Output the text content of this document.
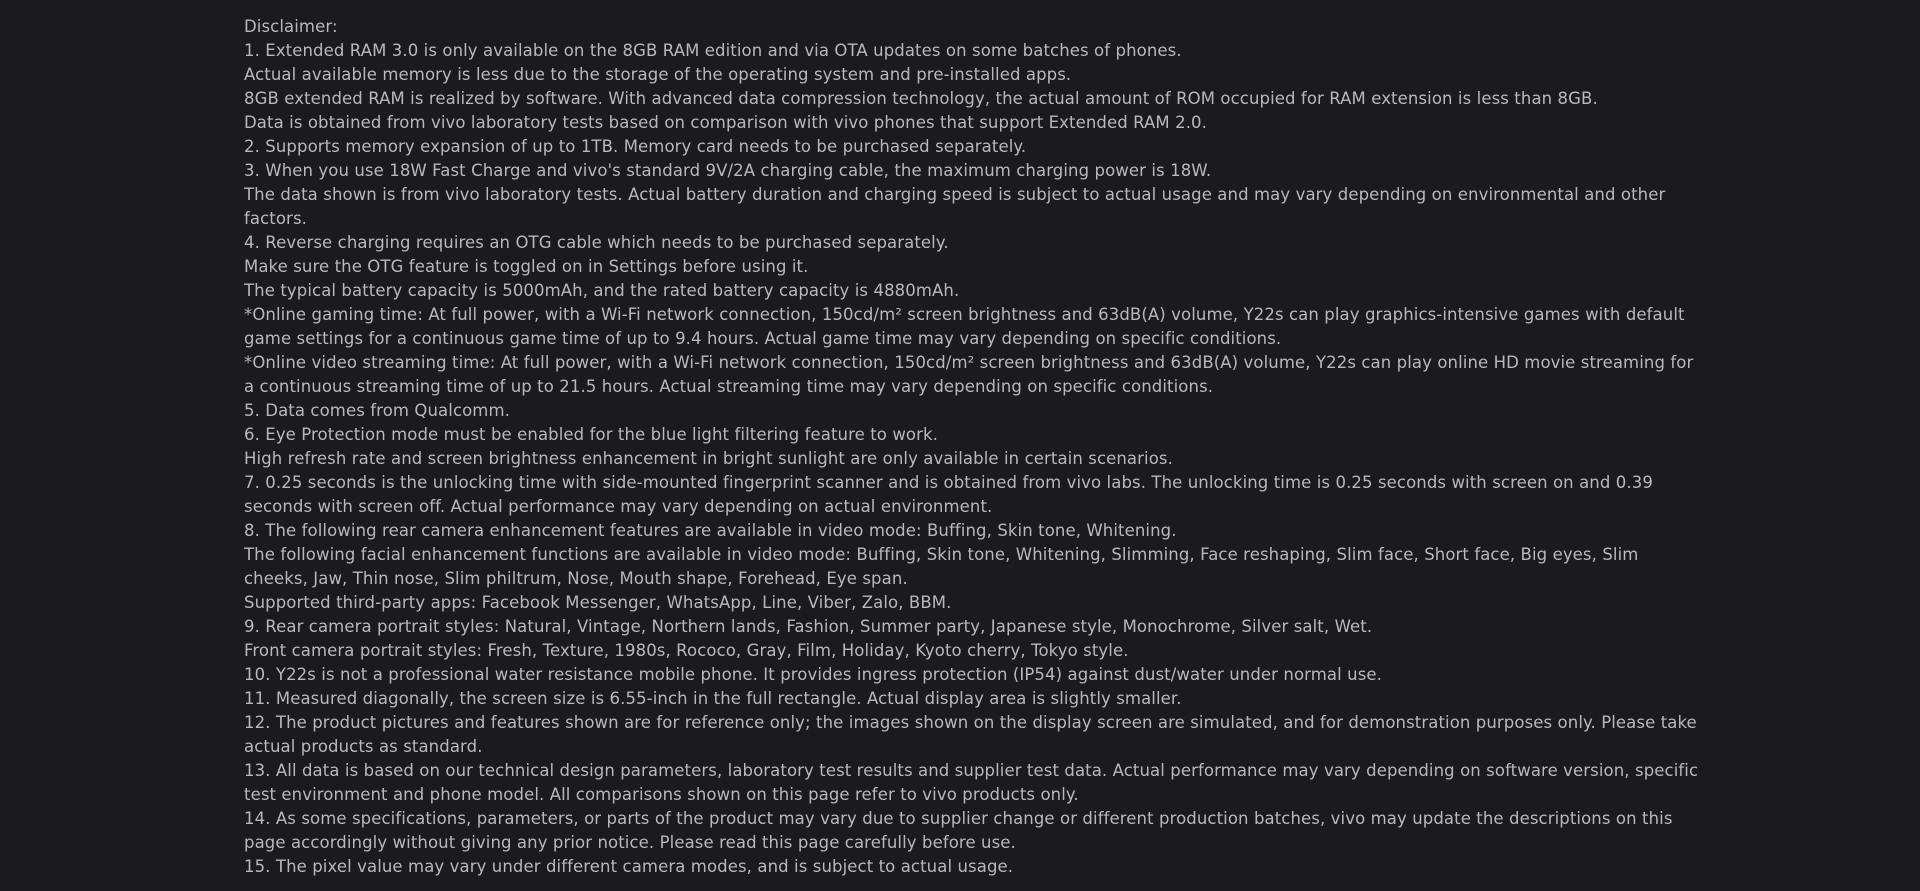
Disclaimer:

1. Extended RAM 3.0 is only available on the 8GB RAM edition and via OTA updates on some batches of phones.

Actual available memory is less due to the storage of the operating system and pre-installed apps.

8GB extended RAM is realized by software. With advanced data compression technology, the actual amount of ROM occupied for RAM extension is less than 8GB.

Data is obtained from vivo laboratory tests based on comparison with vivo phones that support Extended RAM 2.0.

2. Supports memory expansion of up to 1TB. Memory card needs to be purchased separately.

3. When you use 18W Fast Charge and vivo's standard 9V/2A charging cable, the maximum charging power is 18W.

The data shown is from vivo laboratory tests. Actual battery duration and charging speed is subject to actual usage and may vary depending on environmental and other factors.

4. Reverse charging requires an OTG cable which needs to be purchased separately.

Make sure the OTG feature is toggled on in Settings before using it.

The typical battery capacity is 5000mAh, and the rated battery capacity is 4880mAh.

*Online gaming time: At full power, with a Wi-Fi network connection, 150cd/m² screen brightness and 63dB(A) volume, Y22s can play graphics-intensive games with default game settings for a continuous game time of up to 9.4 hours. Actual game time may vary depending on specific conditions.

*Online video streaming time: At full power, with a Wi-Fi network connection, 150cd/m² screen brightness and 63dB(A) volume, Y22s can play online HD movie streaming for a continuous streaming time of up to 21.5 hours. Actual streaming time may vary depending on specific conditions.

5. Data comes from Qualcomm.

6. Eye Protection mode must be enabled for the blue light filtering feature to work.

High refresh rate and screen brightness enhancement in bright sunlight are only available in certain scenarios.

7. 0.25 seconds is the unlocking time with side-mounted fingerprint scanner and is obtained from vivo labs. The unlocking time is 0.25 seconds with screen on and 0.39 seconds with screen off. Actual performance may vary depending on actual environment.

8. The following rear camera enhancement features are available in video mode: Buffing, Skin tone, Whitening.

The following facial enhancement functions are available in video mode: Buffing, Skin tone, Whitening, Slimming, Face reshaping, Slim face, Short face, Big eyes, Slim cheeks, Jaw, Thin nose, Slim philtrum, Nose, Mouth shape, Forehead, Eye span.

Supported third-party apps: Facebook Messenger, WhatsApp, Line, Viber, Zalo, BBM.

9. Rear camera portrait styles: Natural, Vintage, Northern lands, Fashion, Summer party, Japanese style, Monochrome, Silver salt, Wet.

Front camera portrait styles: Fresh, Texture, 1980s, Rococo, Gray, Film, Holiday, Kyoto cherry, Tokyo style.

10. Y22s is not a professional water resistance mobile phone. It provides ingress protection (IP54) against dust/water under normal use.

11. Measured diagonally, the screen size is 6.55-inch in the full rectangle. Actual display area is slightly smaller.

12. The product pictures and features shown are for reference only; the images shown on the display screen are simulated, and for demonstration purposes only. Please take actual products as standard.

13. All data is based on our technical design parameters, laboratory test results and supplier test data. Actual performance may vary depending on software version, specific test environment and phone model. All comparisons shown on this page refer to vivo products only.

14. As some specifications, parameters, or parts of the product may vary due to supplier change or different production batches, vivo may update the descriptions on this page accordingly without giving any prior notice. Please read this page carefully before use.

15. The pixel value may vary under different camera modes, and is subject to actual usage.
